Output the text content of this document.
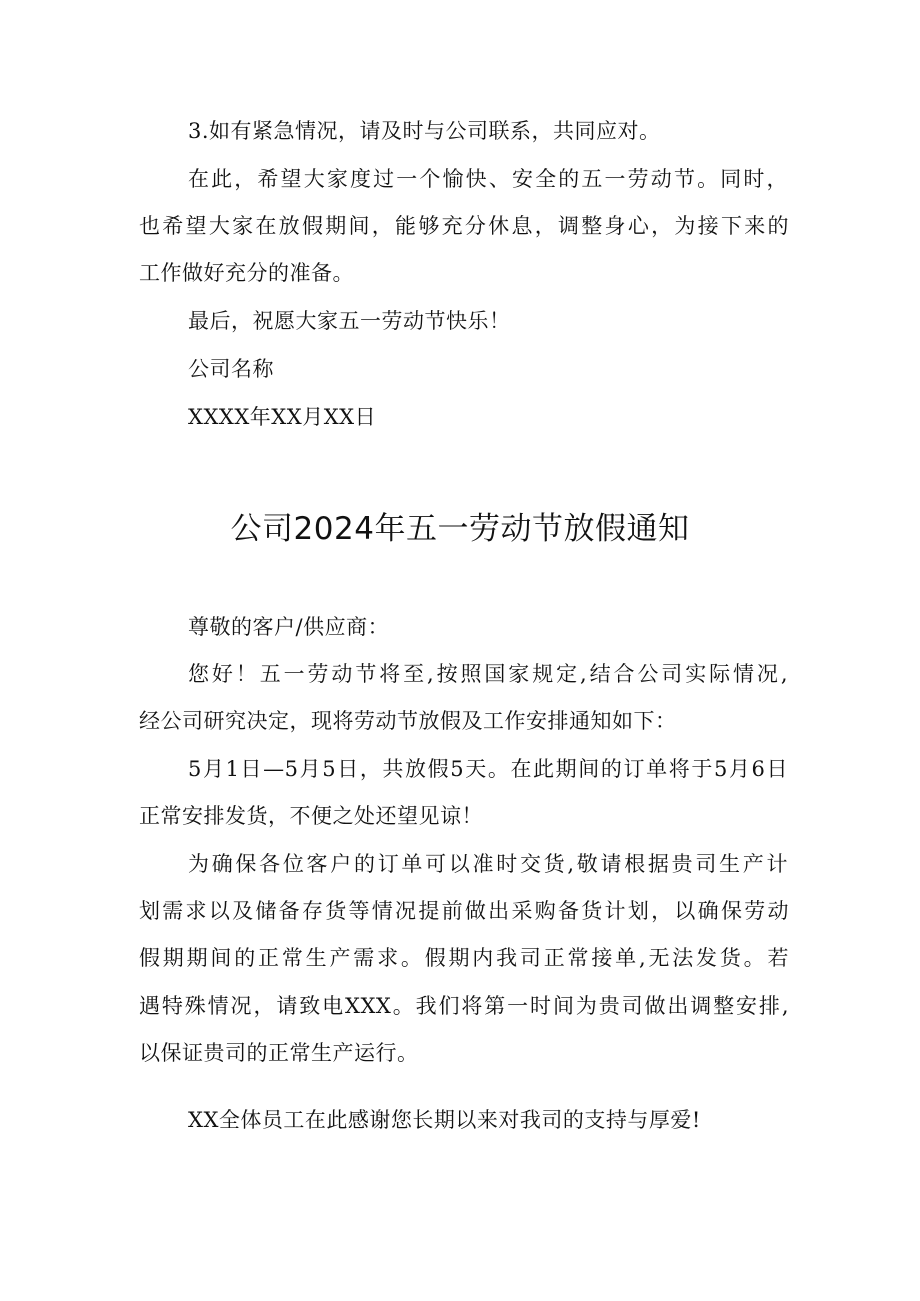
3.如有紧急情况，请及时与公司联系，共同应对。
在此，希望大家度过一个愉快、安全的五一劳动节。同时，
也希望大家在放假期间，能够充分休息，调整身心，为接下来的
工作做好充分的准备。
最后，祝愿大家五一劳动节快乐！
公司名称
XXXX年XX月XX日
公司2024年五一劳动节放假通知
尊敬的客户/供应商：
您好！五一劳动节将至,按照国家规定,结合公司实际情况,
经公司研究决定，现将劳动节放假及工作安排通知如下：
5月1日—5月5日，共放假5天。在此期间的订单将于5月6日
正常安排发货，不便之处还望见谅！
为确保各位客户的订单可以准时交货,敬请根据贵司生产计
划需求以及储备存货等情况提前做出采购备货计划，以确保劳动
假期期间的正常生产需求。假期内我司正常接单,无法发货。若
遇特殊情况，请致电XXX。我们将第一时间为贵司做出调整安排,
以保证贵司的正常生产运行。
XX全体员工在此感谢您长期以来对我司的支持与厚爱!
